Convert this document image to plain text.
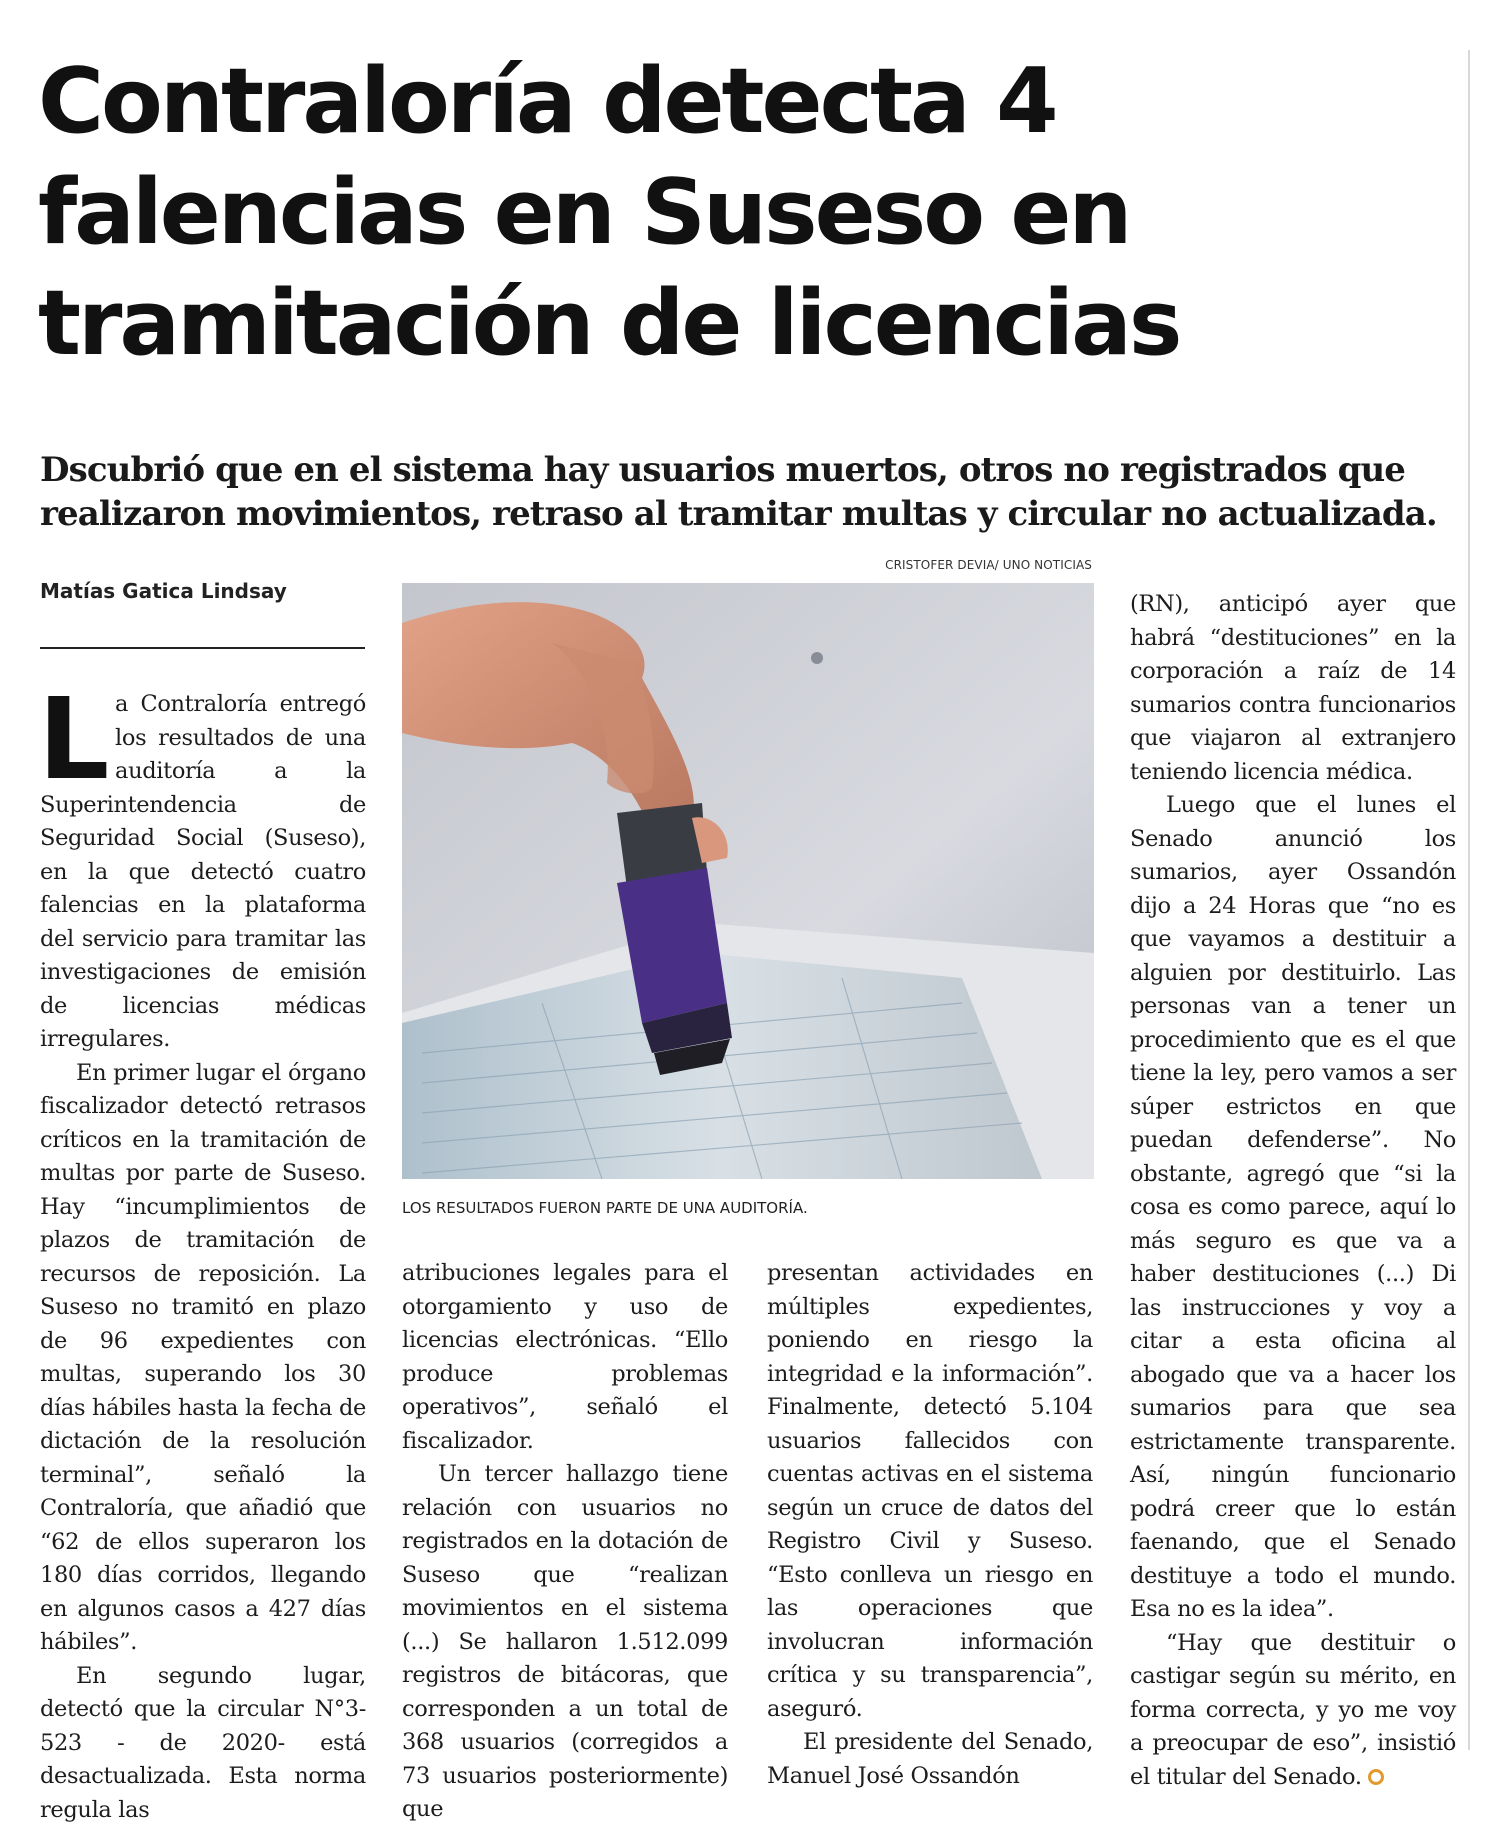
Contraloría detecta 4 falencias en Suseso en tramitación de licencias
Dscubrió que en el sistema hay usuarios muertos, otros no registrados que realizaron movimientos, retraso al tramitar multas y circular no actualizada.
CRISTOFER DEVIA/ UNO NOTICIAS
Matías Gatica Lindsay
LOS RESULTADOS FUERON PARTE DE UNA AUDITORÍA.

La Contraloría entregó los resultados de una auditoría a la Superintendencia de Seguridad Social (Suseso), en la que detectó cuatro falencias en la plataforma del servicio para tramitar las investigaciones de emisión de licencias médicas irregulares.

En primer lugar el órgano fiscalizador detectó retrasos críticos en la tramitación de multas por parte de Suseso. Hay “incumplimientos de plazos de tramitación de recursos de reposición. La Suseso no tramitó en plazo de 96 expedientes con multas, superando los 30 días hábiles hasta la fecha de dictación de la resolución terminal”, señaló la Contraloría, que añadió que “62 de ellos superaron los 180 días corridos, llegando en algunos casos a 427 días hábiles”.

En segundo lugar, detectó que la circular N°3-523 - de 2020- está desactualizada. Esta norma regula las

atribuciones legales para el otorgamiento y uso de licencias electrónicas. “Ello produce problemas operativos”, señaló el fiscalizador.

Un tercer hallazgo tiene relación con usuarios no registrados en la dotación de Suseso que “realizan movimientos en el sistema (...) Se hallaron 1.512.099 registros de bitácoras, que corresponden a un total de 368 usuarios (corregidos a 73 usuarios posteriormente) que

presentan actividades en múltiples expedientes, poniendo en riesgo la integridad e la información”. Finalmente, detectó 5.104 usuarios fallecidos con cuentas activas en el sistema según un cruce de datos del Registro Civil y Suseso. “Esto conlleva un riesgo en las operaciones que involucran información crítica y su transparencia”, aseguró.

El presidente del Senado, Manuel José Ossandón

(RN), anticipó ayer que habrá “destituciones” en la corporación a raíz de 14 sumarios contra funcionarios que viajaron al extranjero teniendo licencia médica.

Luego que el lunes el Senado anunció los sumarios, ayer Ossandón dijo a 24 Horas que “no es que vayamos a destituir a alguien por destituirlo. Las personas van a tener un procedimiento que es el que tiene la ley, pero vamos a ser súper estrictos en que puedan defenderse”. No obstante, agregó que “si la cosa es como parece, aquí lo más seguro es que va a haber destituciones (...) Di las instrucciones y voy a citar a esta oficina al abogado que va a hacer los sumarios para que sea estrictamente transparente. Así, ningún funcionario podrá creer que lo están faenando, que el Senado destituye a todo el mundo. Esa no es la idea”.

“Hay que destituir o castigar según su mérito, en forma correcta, y yo me voy a preocupar de eso”, insistió el titular del Senado.
